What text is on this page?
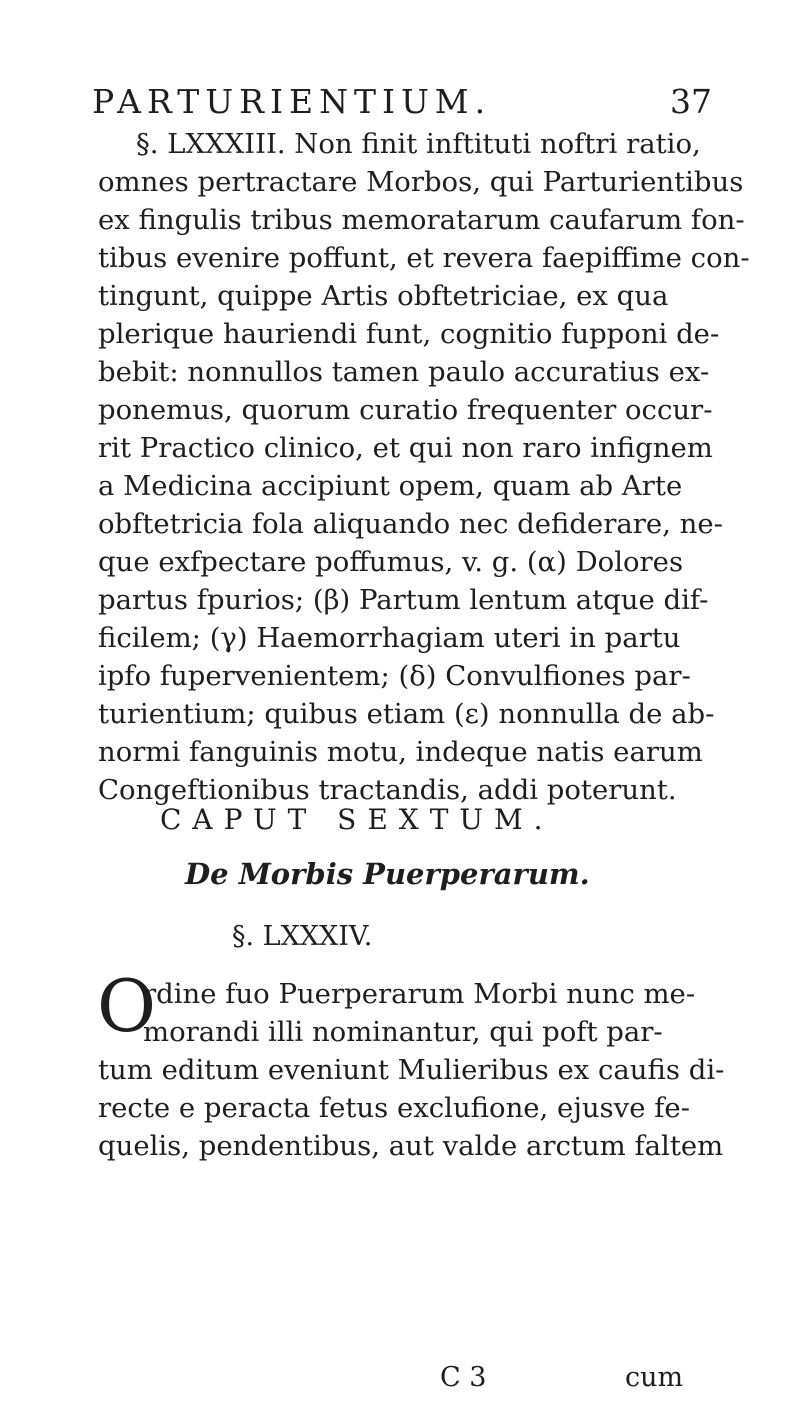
PARTURIENTIUM.	37
§. LXXXIII. Non finit inftituti noftri ratio,
omnes pertractare Morbos, qui Parturientibus
ex fingulis tribus memoratarum caufarum fon-
tibus evenire poffunt, et revera faepiffime con-
tingunt, quippe Artis obftetriciae, ex qua
plerique hauriendi funt, cognitio fupponi de-
bebit: nonnullos tamen paulo accuratius ex-
ponemus, quorum curatio frequenter occur-
rit Practico clinico, et qui non raro infignem
a Medicina accipiunt opem, quam ab Arte
obftetricia fola aliquando nec defiderare, ne-
que exfpectare poffumus, v. g. (α) Dolores
partus fpurios; (β) Partum lentum atque dif-
ficilem; (γ) Haemorrhagiam uteri in partu
ipfo fupervenientem; (δ) Convulfiones par-
turientium; quibus etiam (ε) nonnulla de ab-
normi fanguinis motu, indeque natis earum
Congeftionibus tractandis, addi poterunt.
CAPUT SEXTUM.
De Morbis Puerperarum.
§. LXXXIV.
O
rdine fuo Puerperarum Morbi nunc me-
morandi illi nominantur, qui poft par-
tum editum eveniunt Mulieribus ex caufis di-
recte e peracta fetus exclufione, ejusve fe-
quelis, pendentibus, aut valde arctum faltem
C 3	cum
